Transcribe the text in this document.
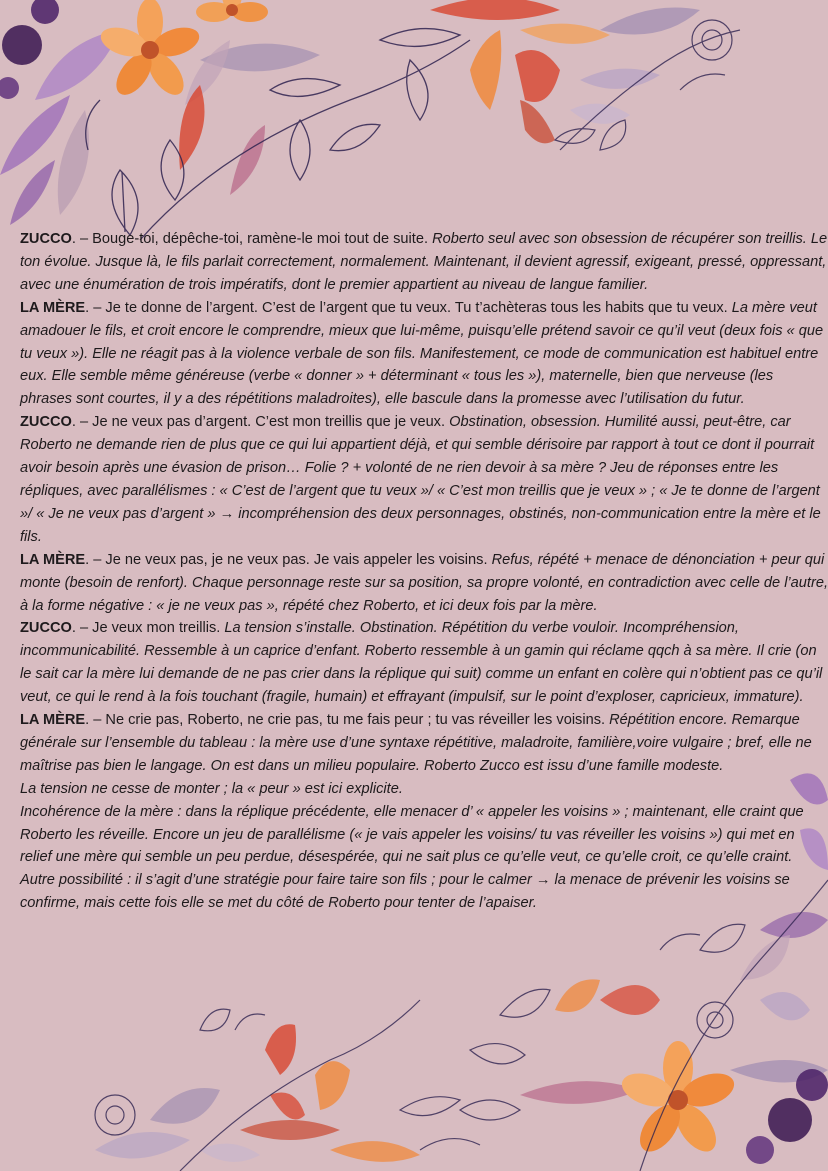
ZUCCO. – Bouge-toi, dépêche-toi, ramène-le moi tout de suite. Roberto seul avec son obsession de récupérer son treillis. Le ton évolue. Jusque là, le fils parlait correctement, normalement. Maintenant, il devient agressif, exigeant, pressé, oppressant, avec une énumération de trois impératifs, dont le premier appartient au niveau de langue familier.

LA MÈRE. – Je te donne de l’argent. C’est de l’argent que tu veux. Tu t’achèteras tous les habits que tu veux. La mère veut amadouer le fils, et croit encore le comprendre, mieux que lui-même, puisqu’elle prétend savoir ce qu’il veut (deux fois « que tu veux »). Elle ne réagit pas à la violence verbale de son fils. Manifestement, ce mode de communication est habituel entre eux. Elle semble même généreuse (verbe « donner » + déterminant « tous les »), maternelle, bien que nerveuse (les phrases sont courtes, il y a des répétitions maladroites), elle bascule dans la promesse avec l’utilisation du futur.

ZUCCO. – Je ne veux pas d’argent. C’est mon treillis que je veux. Obstination, obsession. Humilité aussi, peut-être, car Roberto ne demande rien de plus que ce qui lui appartient déjà, et qui semble dérisoire par rapport à tout ce dont il pourrait avoir besoin après une évasion de prison… Folie ? + volonté de ne rien devoir à sa mère ? Jeu de réponses entre les répliques, avec parallélismes : « C’est de l’argent que tu veux »/ « C’est mon treillis que je veux » ; « Je te donne de l’argent »/ « Je ne veux pas d’argent » → incompréhension des deux personnages, obstinés, non-communication entre la mère et le fils.

LA MÈRE. – Je ne veux pas, je ne veux pas. Je vais appeler les voisins. Refus, répété + menace de dénonciation + peur qui monte (besoin de renfort). Chaque personnage reste sur sa position, sa propre volonté, en contradiction avec celle de l’autre, à la forme négative : « je ne veux pas », répété chez Roberto, et ici deux fois par la mère.

ZUCCO. – Je veux mon treillis. La tension s’installe. Obstination. Répétition du verbe vouloir. Incompréhension, incommunicabilité. Ressemble à un caprice d’enfant. Roberto ressemble à un gamin qui réclame qqch à sa mère. Il crie (on le sait car la mère lui demande de ne pas crier dans la réplique qui suit) comme un enfant en colère qui n’obtient pas ce qu’il veut, ce qui le rend à la fois touchant (fragile, humain) et effrayant (impulsif, sur le point d’exploser, capricieux, immature).

LA MÈRE. – Ne crie pas, Roberto, ne crie pas, tu me fais peur ; tu vas réveiller les voisins. Répétition encore. Remarque générale sur l’ensemble du tableau : la mère use d’une syntaxe répétitive, maladroite, familière,voire vulgaire ; bref, elle ne maîtrise pas bien le langage. On est dans un milieu populaire. Roberto Zucco est issu d’une famille modeste.

La tension ne cesse de monter ; la « peur » est ici explicite.

Incohérence de la mère : dans la réplique précédente, elle menacer d’ « appeler les voisins » ; maintenant, elle craint que Roberto les réveille. Encore un jeu de parallélisme (« je vais appeler les voisins/ tu vas réveiller les voisins ») qui met en relief une mère qui semble un peu perdue, désespérée, qui ne sait plus ce qu’elle veut, ce qu’elle croit, ce qu’elle craint. Autre possibilité : il s’agit d’une stratégie pour faire taire son fils ; pour le calmer → la menace de prévenir les voisins se confirme, mais cette fois elle se met du côté de Roberto pour tenter de l’apaiser.
